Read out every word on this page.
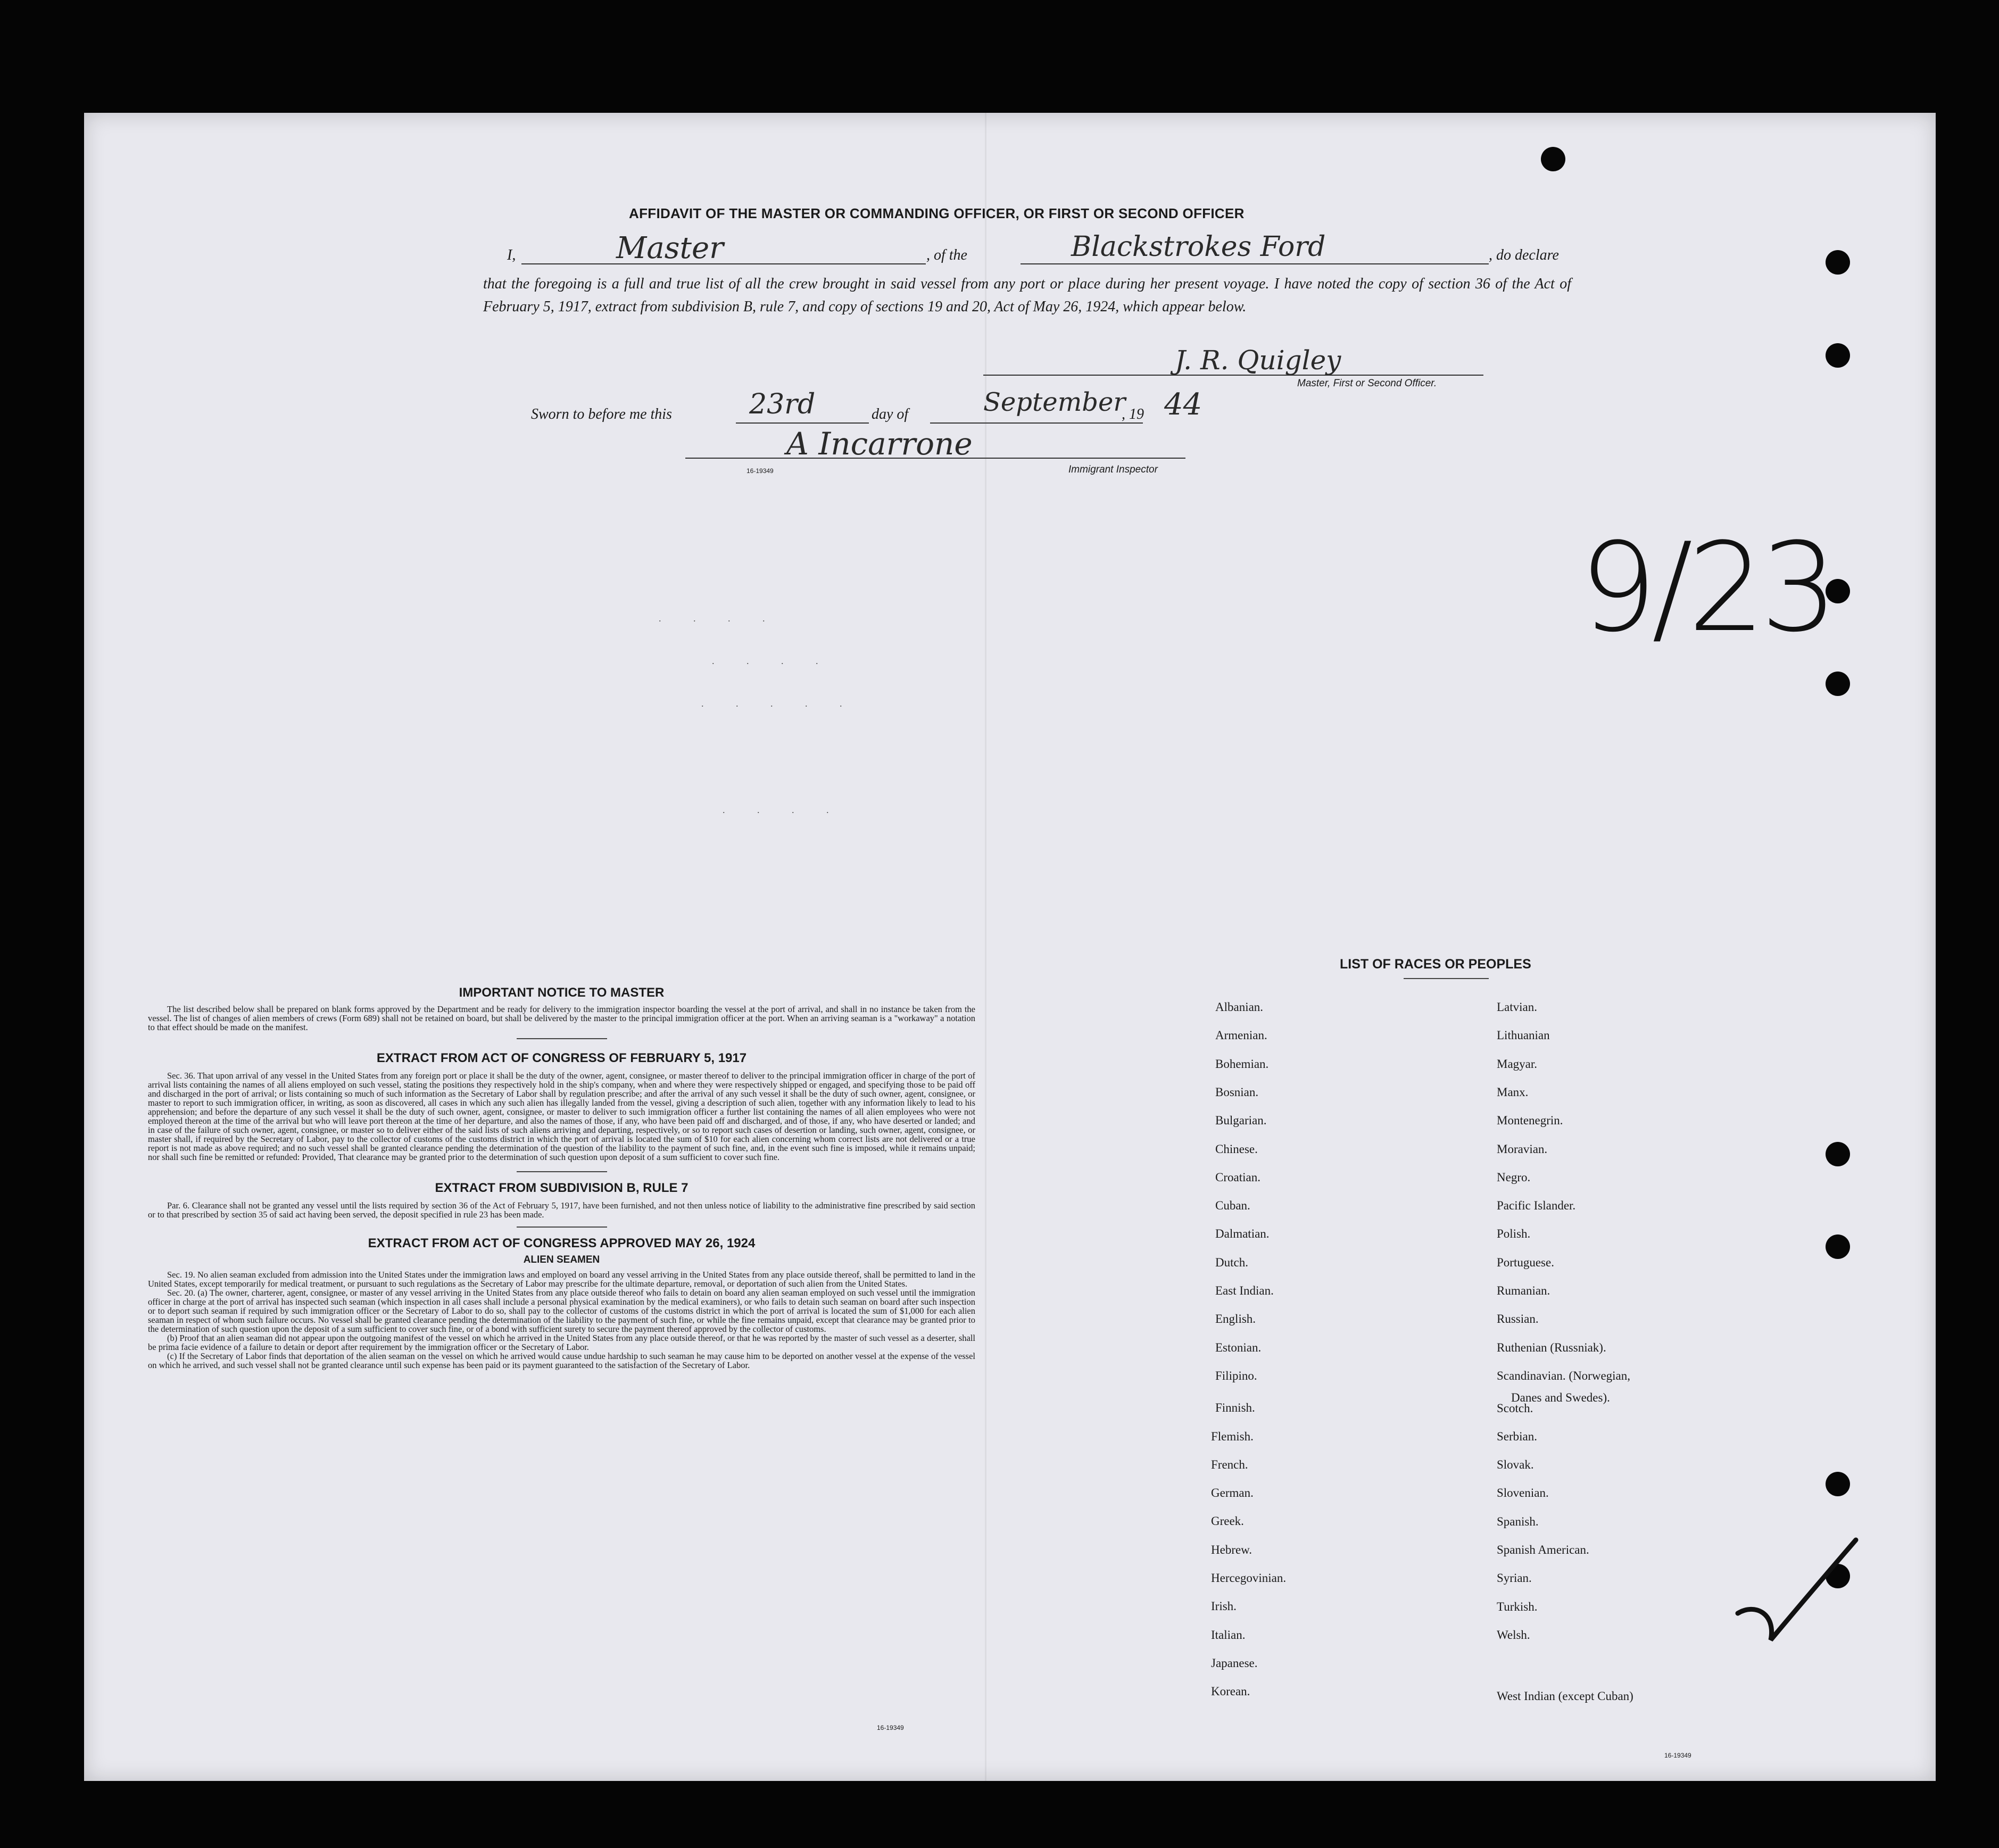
AFFIDAVIT OF THE MASTER OR COMMANDING OFFICER, OR FIRST OR SECOND OFFICER
I,	Master	, of the	Blackstrokes Ford	, do declare
that the foregoing is a full and true list of all the crew brought in said vessel from any port or place during her present voyage. I have noted the copy of section 36 of the Act of February 5, 1917, extract from subdivision B, rule 7, and copy of sections 19 and 20, Act of May 26, 1924, which appear below.
J. R. Quigley
Master, First or Second Officer.
Sworn to before me this	23rd	day of	September
, 19 44
A Incarrone
16-19349	Immigrant Inspector
9/23
. . . .
. . . .
. . . . .
. . . .

IMPORTANT NOTICE TO MASTER

The list described below shall be prepared on blank forms approved by the Department and be ready for delivery to the immigration inspector boarding the vessel at the port of arrival, and shall in no instance be taken from the vessel. The list of changes of alien members of crews (Form 689) shall not be retained on board, but shall be delivered by the master to the principal immigration officer at the port. When an arriving seaman is a "workaway" a notation to that effect should be made on the manifest.

EXTRACT FROM ACT OF CONGRESS OF FEBRUARY 5, 1917

Sec. 36. That upon arrival of any vessel in the United States from any foreign port or place it shall be the duty of the owner, agent, consignee, or master thereof to deliver to the principal immigration officer in charge of the port of arrival lists containing the names of all aliens employed on such vessel, stating the positions they respectively hold in the ship's company, when and where they were respectively shipped or engaged, and specifying those to be paid off and discharged in the port of arrival; or lists containing so much of such information as the Secretary of Labor shall by regulation prescribe; and after the arrival of any such vessel it shall be the duty of such owner, agent, consignee, or master to report to such immigration officer, in writing, as soon as discovered, all cases in which any such alien has illegally landed from the vessel, giving a description of such alien, together with any information likely to lead to his apprehension; and before the departure of any such vessel it shall be the duty of such owner, agent, consignee, or master to deliver to such immigration officer a further list containing the names of all alien employees who were not employed thereon at the time of the arrival but who will leave port thereon at the time of her departure, and also the names of those, if any, who have been paid off and discharged, and of those, if any, who have deserted or landed; and in case of the failure of such owner, agent, consignee, or master so to deliver either of the said lists of such aliens arriving and departing, respectively, or so to report such cases of desertion or landing, such owner, agent, consignee, or master shall, if required by the Secretary of Labor, pay to the collector of customs of the customs district in which the port of arrival is located the sum of $10 for each alien concerning whom correct lists are not delivered or a true report is not made as above required; and no such vessel shall be granted clearance pending the determination of the question of the liability to the payment of such fine, and, in the event such fine is imposed, while it remains unpaid; nor shall such fine be remitted or refunded: Provided, That clearance may be granted prior to the determination of such question upon deposit of a sum sufficient to cover such fine.

EXTRACT FROM SUBDIVISION B, RULE 7

Par. 6. Clearance shall not be granted any vessel until the lists required by section 36 of the Act of February 5, 1917, have been furnished, and not then unless notice of liability to the administrative fine prescribed by said section or to that prescribed by section 35 of said act having been served, the deposit specified in rule 23 has been made.

EXTRACT FROM ACT OF CONGRESS APPROVED MAY 26, 1924

ALIEN SEAMEN

Sec. 19. No alien seaman excluded from admission into the United States under the immigration laws and employed on board any vessel arriving in the United States from any place outside thereof, shall be permitted to land in the United States, except temporarily for medical treatment, or pursuant to such regulations as the Secretary of Labor may prescribe for the ultimate departure, removal, or deportation of such alien from the United States.

Sec. 20. (a) The owner, charterer, agent, consignee, or master of any vessel arriving in the United States from any place outside thereof who fails to detain on board any alien seaman employed on such vessel until the immigration officer in charge at the port of arrival has inspected such seaman (which inspection in all cases shall include a personal physical examination by the medical examiners), or who fails to detain such seaman on board after such inspection or to deport such seaman if required by such immigration officer or the Secretary of Labor to do so, shall pay to the collector of customs of the customs district in which the port of arrival is located the sum of $1,000 for each alien seaman in respect of whom such failure occurs. No vessel shall be granted clearance pending the determination of the liability to the payment of such fine, or while the fine remains unpaid, except that clearance may be granted prior to the determination of such question upon the deposit of a sum sufficient to cover such fine, or of a bond with sufficient surety to secure the payment thereof approved by the collector of customs.

(b) Proof that an alien seaman did not appear upon the outgoing manifest of the vessel on which he arrived in the United States from any place outside thereof, or that he was reported by the master of such vessel as a deserter, shall be prima facie evidence of a failure to detain or deport after requirement by the immigration officer or the Secretary of Labor.

(c) If the Secretary of Labor finds that deportation of the alien seaman on the vessel on which he arrived would cause undue hardship to such seaman he may cause him to be deported on another vessel at the expense of the vessel on which he arrived, and such vessel shall not be granted clearance until such expense has been paid or its payment guaranteed to the satisfaction of the Secretary of Labor.

16-19349
LIST OF RACES OR PEOPLES
Albanian.
Armenian.
Bohemian.
Bosnian.
Bulgarian.
Chinese.
Croatian.
Cuban.
Dalmatian.
Dutch.
East Indian.
English.
Estonian.
Filipino.
Finnish.
Flemish.
French.
German.
Greek.
Hebrew.
Hercegovinian.
Irish.
Italian.
Japanese.
Korean.
Latvian.
Lithuanian
Magyar.
Manx.
Montenegrin.
Moravian.
Negro.
Pacific Islander.
Polish.
Portuguese.
Rumanian.
Russian.
Ruthenian (Russniak).
Scandinavian. (Norwegian,
Scotch.
Serbian.
Slovak.
Slovenian.
Spanish.
Spanish American.
Syrian.
Turkish.
Welsh.
West Indian (except Cuban)
Danes and Swedes).
16-19349
